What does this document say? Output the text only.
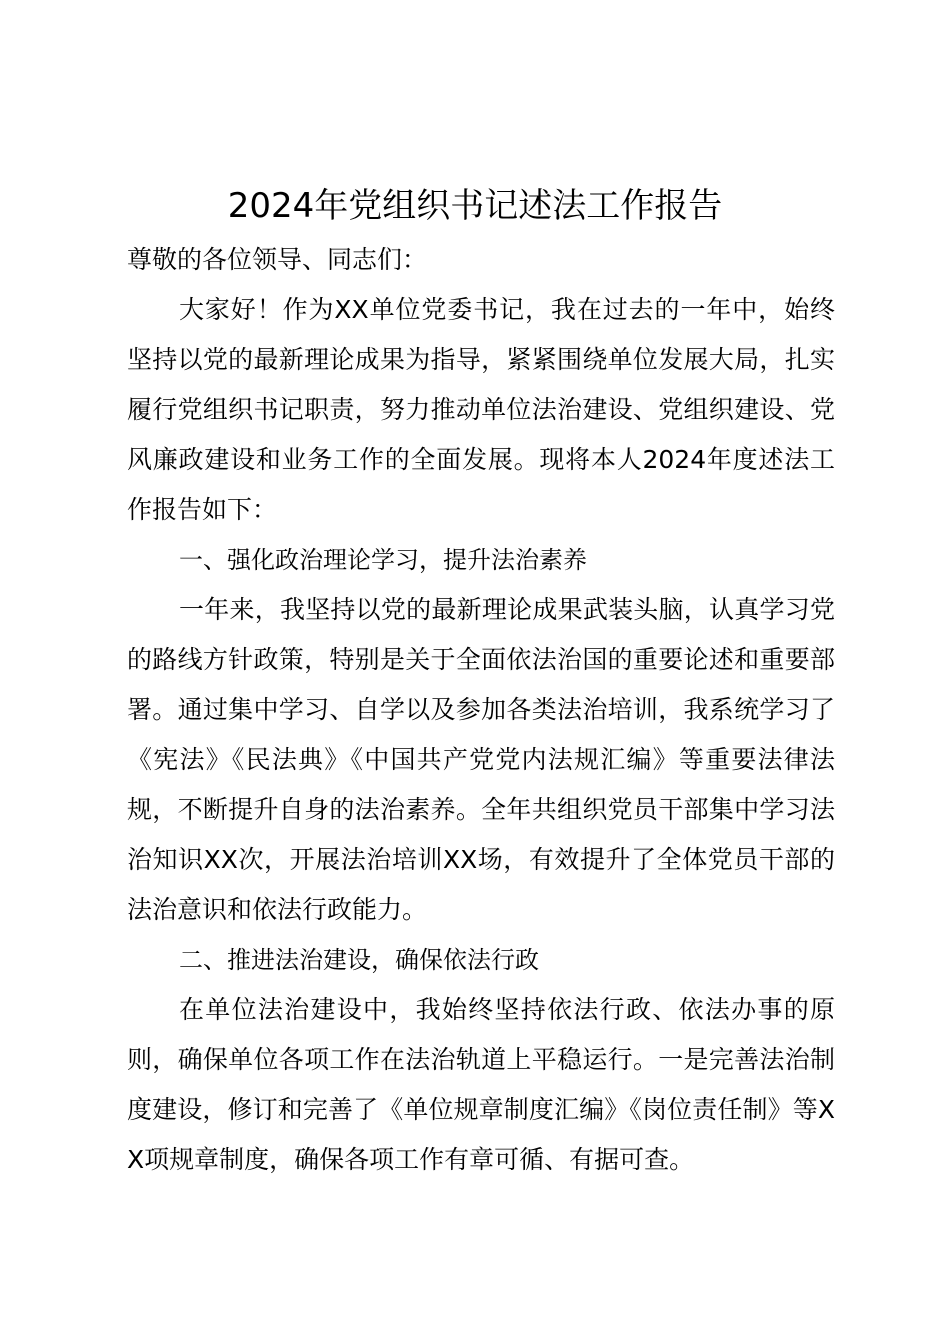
2024年党组织书记述法工作报告

尊敬的各位领导、同志们：

大家好！作为XX单位党委书记，我在过去的一年中，始终坚持以党的最新理论成果为指导，紧紧围绕单位发展大局，扎实履行党组织书记职责，努力推动单位法治建设、党组织建设、党风廉政建设和业务工作的全面发展。现将本人2024年度述法工作报告如下：

一、强化政治理论学习，提升法治素养

一年来，我坚持以党的最新理论成果武装头脑，认真学习党的路线方针政策，特别是关于全面依法治国的重要论述和重要部署。通过集中学习、自学以及参加各类法治培训，我系统学习了《宪法》《民法典》《中国共产党党内法规汇编》等重要法律法规，不断提升自身的法治素养。全年共组织党员干部集中学习法治知识XX次，开展法治培训XX场，有效提升了全体党员干部的法治意识和依法行政能力。

二、推进法治建设，确保依法行政

在单位法治建设中，我始终坚持依法行政、依法办事的原则，确保单位各项工作在法治轨道上平稳运行。一是完善法治制度建设，修订和完善了《单位规章制度汇编》《岗位责任制》等XX项规章制度，确保各项工作有章可循、有据可查。
